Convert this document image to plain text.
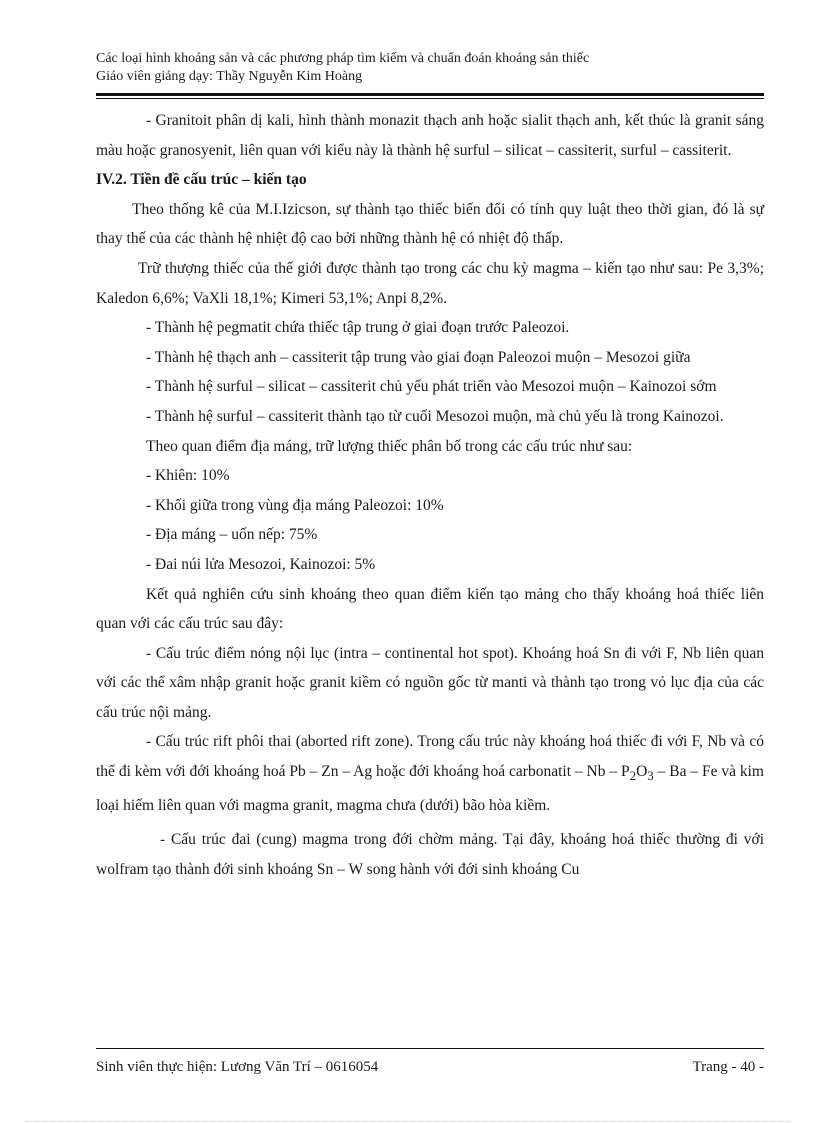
Các loại hình khoáng sản và các phương pháp tìm kiếm và chuẩn đoán khoáng sản thiếc
Giáo viên giảng dạy: Thầy Nguyễn Kim Hoàng

- Granitoit phân dị kali, hình thành monazit thạch anh hoặc sialit thạch anh, kết thúc là granit sáng màu hoặc granosyenit, liên quan với kiểu này là thành hệ surful – silicat – cassiterit, surful – cassiterit.

IV.2. Tiền đề cấu trúc – kiến tạo

Theo thống kê của M.I.Izicson, sự thành tạo thiếc biến đổi có tính quy luật theo thời gian, đó là sự thay thế của các thành hệ nhiệt độ cao bởi những thành hệ có nhiệt độ thấp.

Trữ thượng thiếc của thế giới được thành tạo trong các chu kỳ magma – kiến tạo như sau: Pe 3,3%; Kaledon 6,6%; VaXli 18,1%; Kimeri 53,1%; Anpi 8,2%.

- Thành hệ pegmatit chứa thiếc tập trung ở giai đoạn trước Paleozoi.

- Thành hệ thạch anh – cassiterit tập trung vào giai đoạn Paleozoi muộn – Mesozoi giữa

- Thành hệ surful – silicat – cassiterit chủ yếu phát triển vào Mesozoi muộn – Kainozoi sớm

- Thành hệ surful – cassiterit thành tạo từ cuối Mesozoi muộn, mà chủ yếu là trong Kainozoi.

Theo quan điểm địa máng, trữ lượng thiếc phân bố trong các cấu trúc như sau:

- Khiên: 10%

- Khối giữa trong vùng địa máng Paleozoi: 10%

- Địa máng – uốn nếp: 75%

- Đai núi lửa Mesozoi, Kainozoi: 5%

Kết quả nghiên cứu sinh khoáng theo quan điểm kiến tạo mảng cho thấy khoáng hoá thiếc liên quan với các cấu trúc sau đây:

- Cấu trúc điểm nóng nội lục (intra – continental hot spot). Khoáng hoá Sn đi với F, Nb liên quan với các thể xâm nhập granit hoặc granit kiềm có nguồn gốc từ manti và thành tạo trong vỏ lục địa của các cấu trúc nội mảng.

- Cấu trúc rift phôi thai (aborted rift zone). Trong cấu trúc này khoáng hoá thiếc đi với F, Nb và có thể đi kèm với đới khoáng hoá Pb – Zn – Ag hoặc đới khoáng hoá carbonatit – Nb – $P_2O_3$ – Ba – Fe và kim loại hiếm liên quan với magma granit, magma chưa (dưới) bão hòa kiềm.

- Cấu trúc đai (cung) magma trong đới chờm mảng. Tại đây, khoáng hoá thiếc thường đi với wolfram tạo thành đới sinh khoáng Sn – W song hành với đới sinh khoáng Cu

Sinh viên thực hiện: Lương Văn Trí – 0616054	Trang - 40 -
